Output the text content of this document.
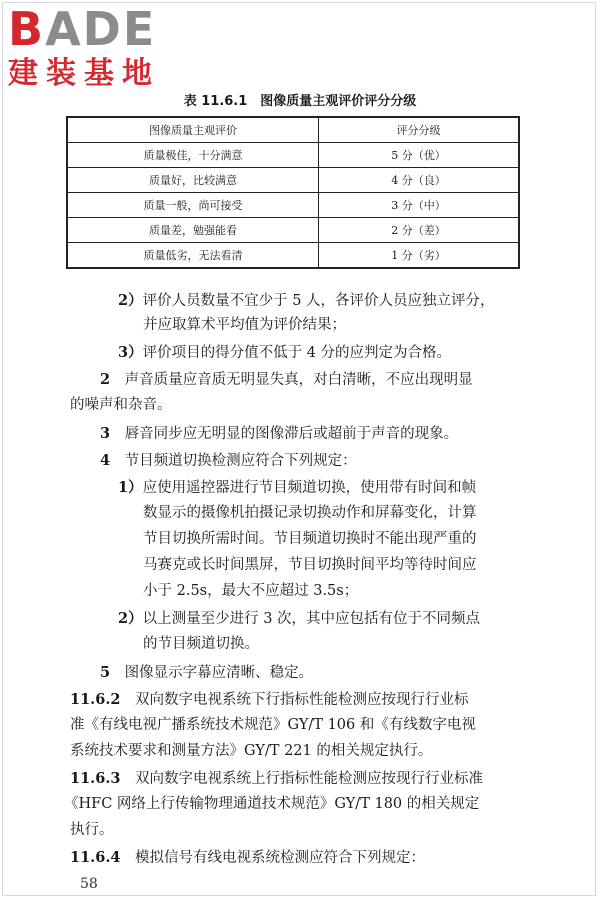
BADE
建装基地
表 11.6.1　图像质量主观评价评分分级
图像质量主观评价	评分分级
质量极佳，十分满意	5 分（优）
质量好，比较满意	4 分（良）
质量一般，尚可接受	3 分（中）
质量差，勉强能看	2 分（差）
质量低劣，无法看清	1 分（劣）
2）评价人员数量不宜少于 5 人，各评价人员应独立评分，
并应取算术平均值为评价结果；
3）评价项目的得分值不低于 4 分的应判定为合格。
2　声音质量应音质无明显失真，对白清晰，不应出现明显
的噪声和杂音。
3　唇音同步应无明显的图像滞后或超前于声音的现象。
4　节目频道切换检测应符合下列规定：
1）应使用遥控器进行节目频道切换，使用带有时间和帧
数显示的摄像机拍摄记录切换动作和屏幕变化，计算
节目切换所需时间。节目频道切换时不能出现严重的
马赛克或长时间黑屏，节目切换时间平均等待时间应
小于 2.5s，最大不应超过 3.5s；
2）以上测量至少进行 3 次，其中应包括有位于不同频点
的节目频道切换。
5　图像显示字幕应清晰、稳定。
11.6.2　双向数字电视系统下行指标性能检测应按现行行业标
准《有线电视广播系统技术规范》GY/T 106 和《有线数字电视
系统技术要求和测量方法》GY/T 221 的相关规定执行。
11.6.3　双向数字电视系统上行指标性能检测应按现行行业标准
《HFC 网络上行传输物理通道技术规范》GY/T 180 的相关规定
执行。
11.6.4　模拟信号有线电视系统检测应符合下列规定：
58
